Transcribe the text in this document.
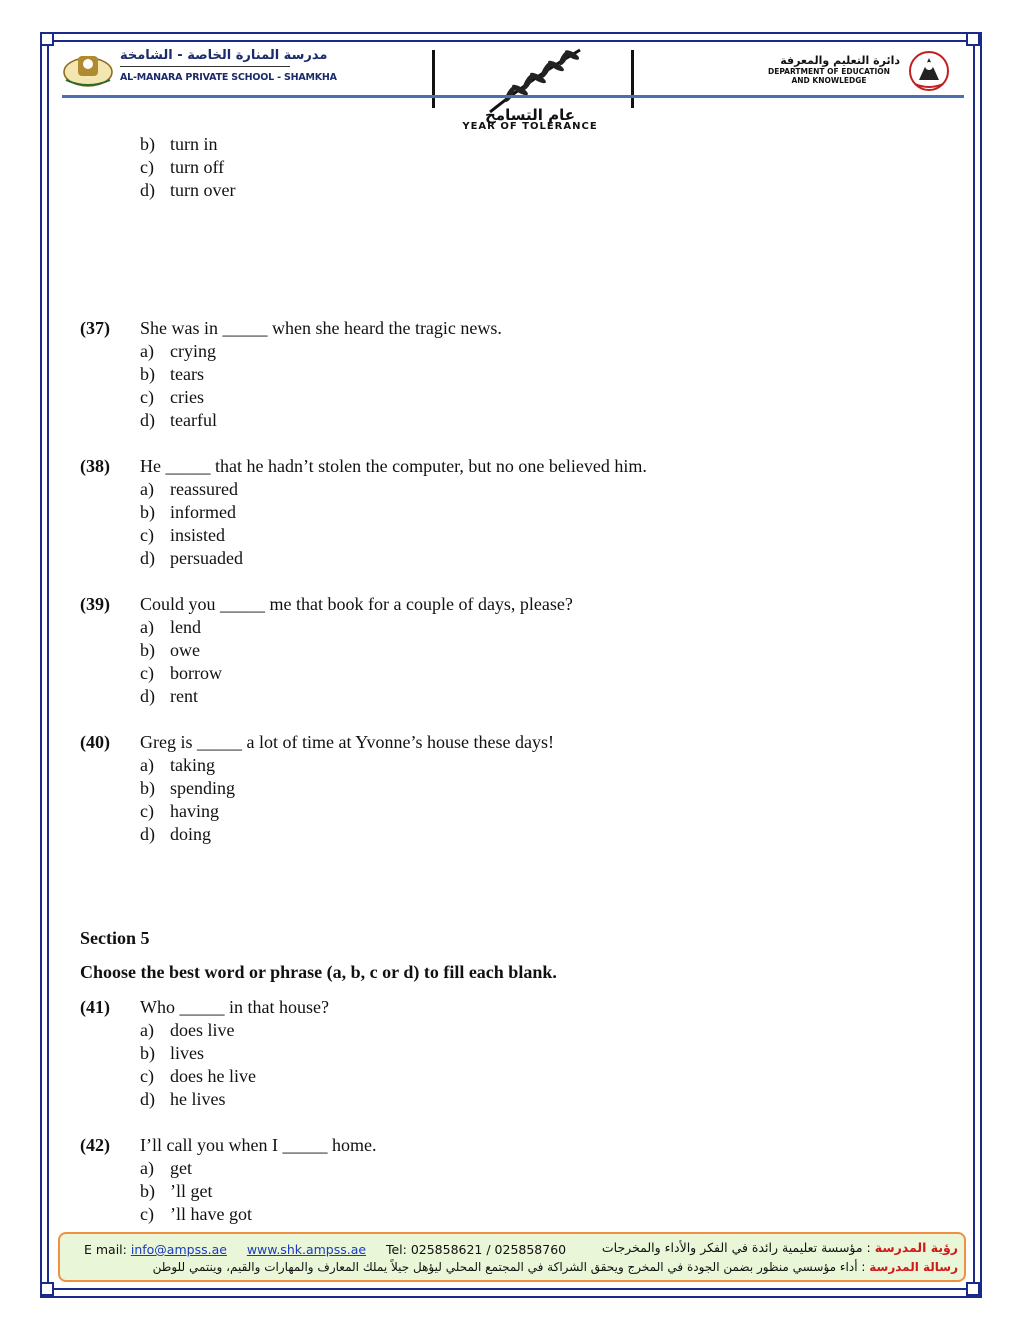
مدرسة المنارة الخاصة - الشامخة
AL-MANARA PRIVATE SCHOOL - SHAMKHA
عام التسامح
YEAR OF TOLERANCE
دائرة التعليم والمعرفة
DEPARTMENT OF EDUCATION
AND KNOWLEDGE
b) turn in
c) turn off
d) turn over
(37) She was in _____ when she heard the tragic news.
a) crying
b) tears
c) cries
d) tearful
(38) He _____ that he hadn’t stolen the computer, but no one believed him.
a) reassured
b) informed
c) insisted
d) persuaded
(39) Could you _____ me that book for a couple of days, please?
a) lend
b) owe
c) borrow
d) rent
(40) Greg is _____ a lot of time at Yvonne’s house these days!
a) taking
b) spending
c) having
d) doing
Section 5
Choose the best word or phrase (a, b, c or d) to fill each blank.
(41) Who _____ in that house?
a) does live
b) lives
c) does he live
d) he lives
(42) I’ll call you when I _____ home.
a) get
b) ’ll get
c) ’ll have got
E mail: info@ampss.ae www.shk.ampss.ae Tel: 025858621 / 025858760	رؤية المدرسة : مؤسسة تعليمية رائدة في الفكر والأداء والمخرجات
رسالة المدرسة : أداء مؤسسي منظور بضمن الجودة في المخرج ويحقق الشراكة في المجتمع المحلي ليؤهل جيلاً يملك المعارف والمهارات والقيم، وينتمي للوطن
